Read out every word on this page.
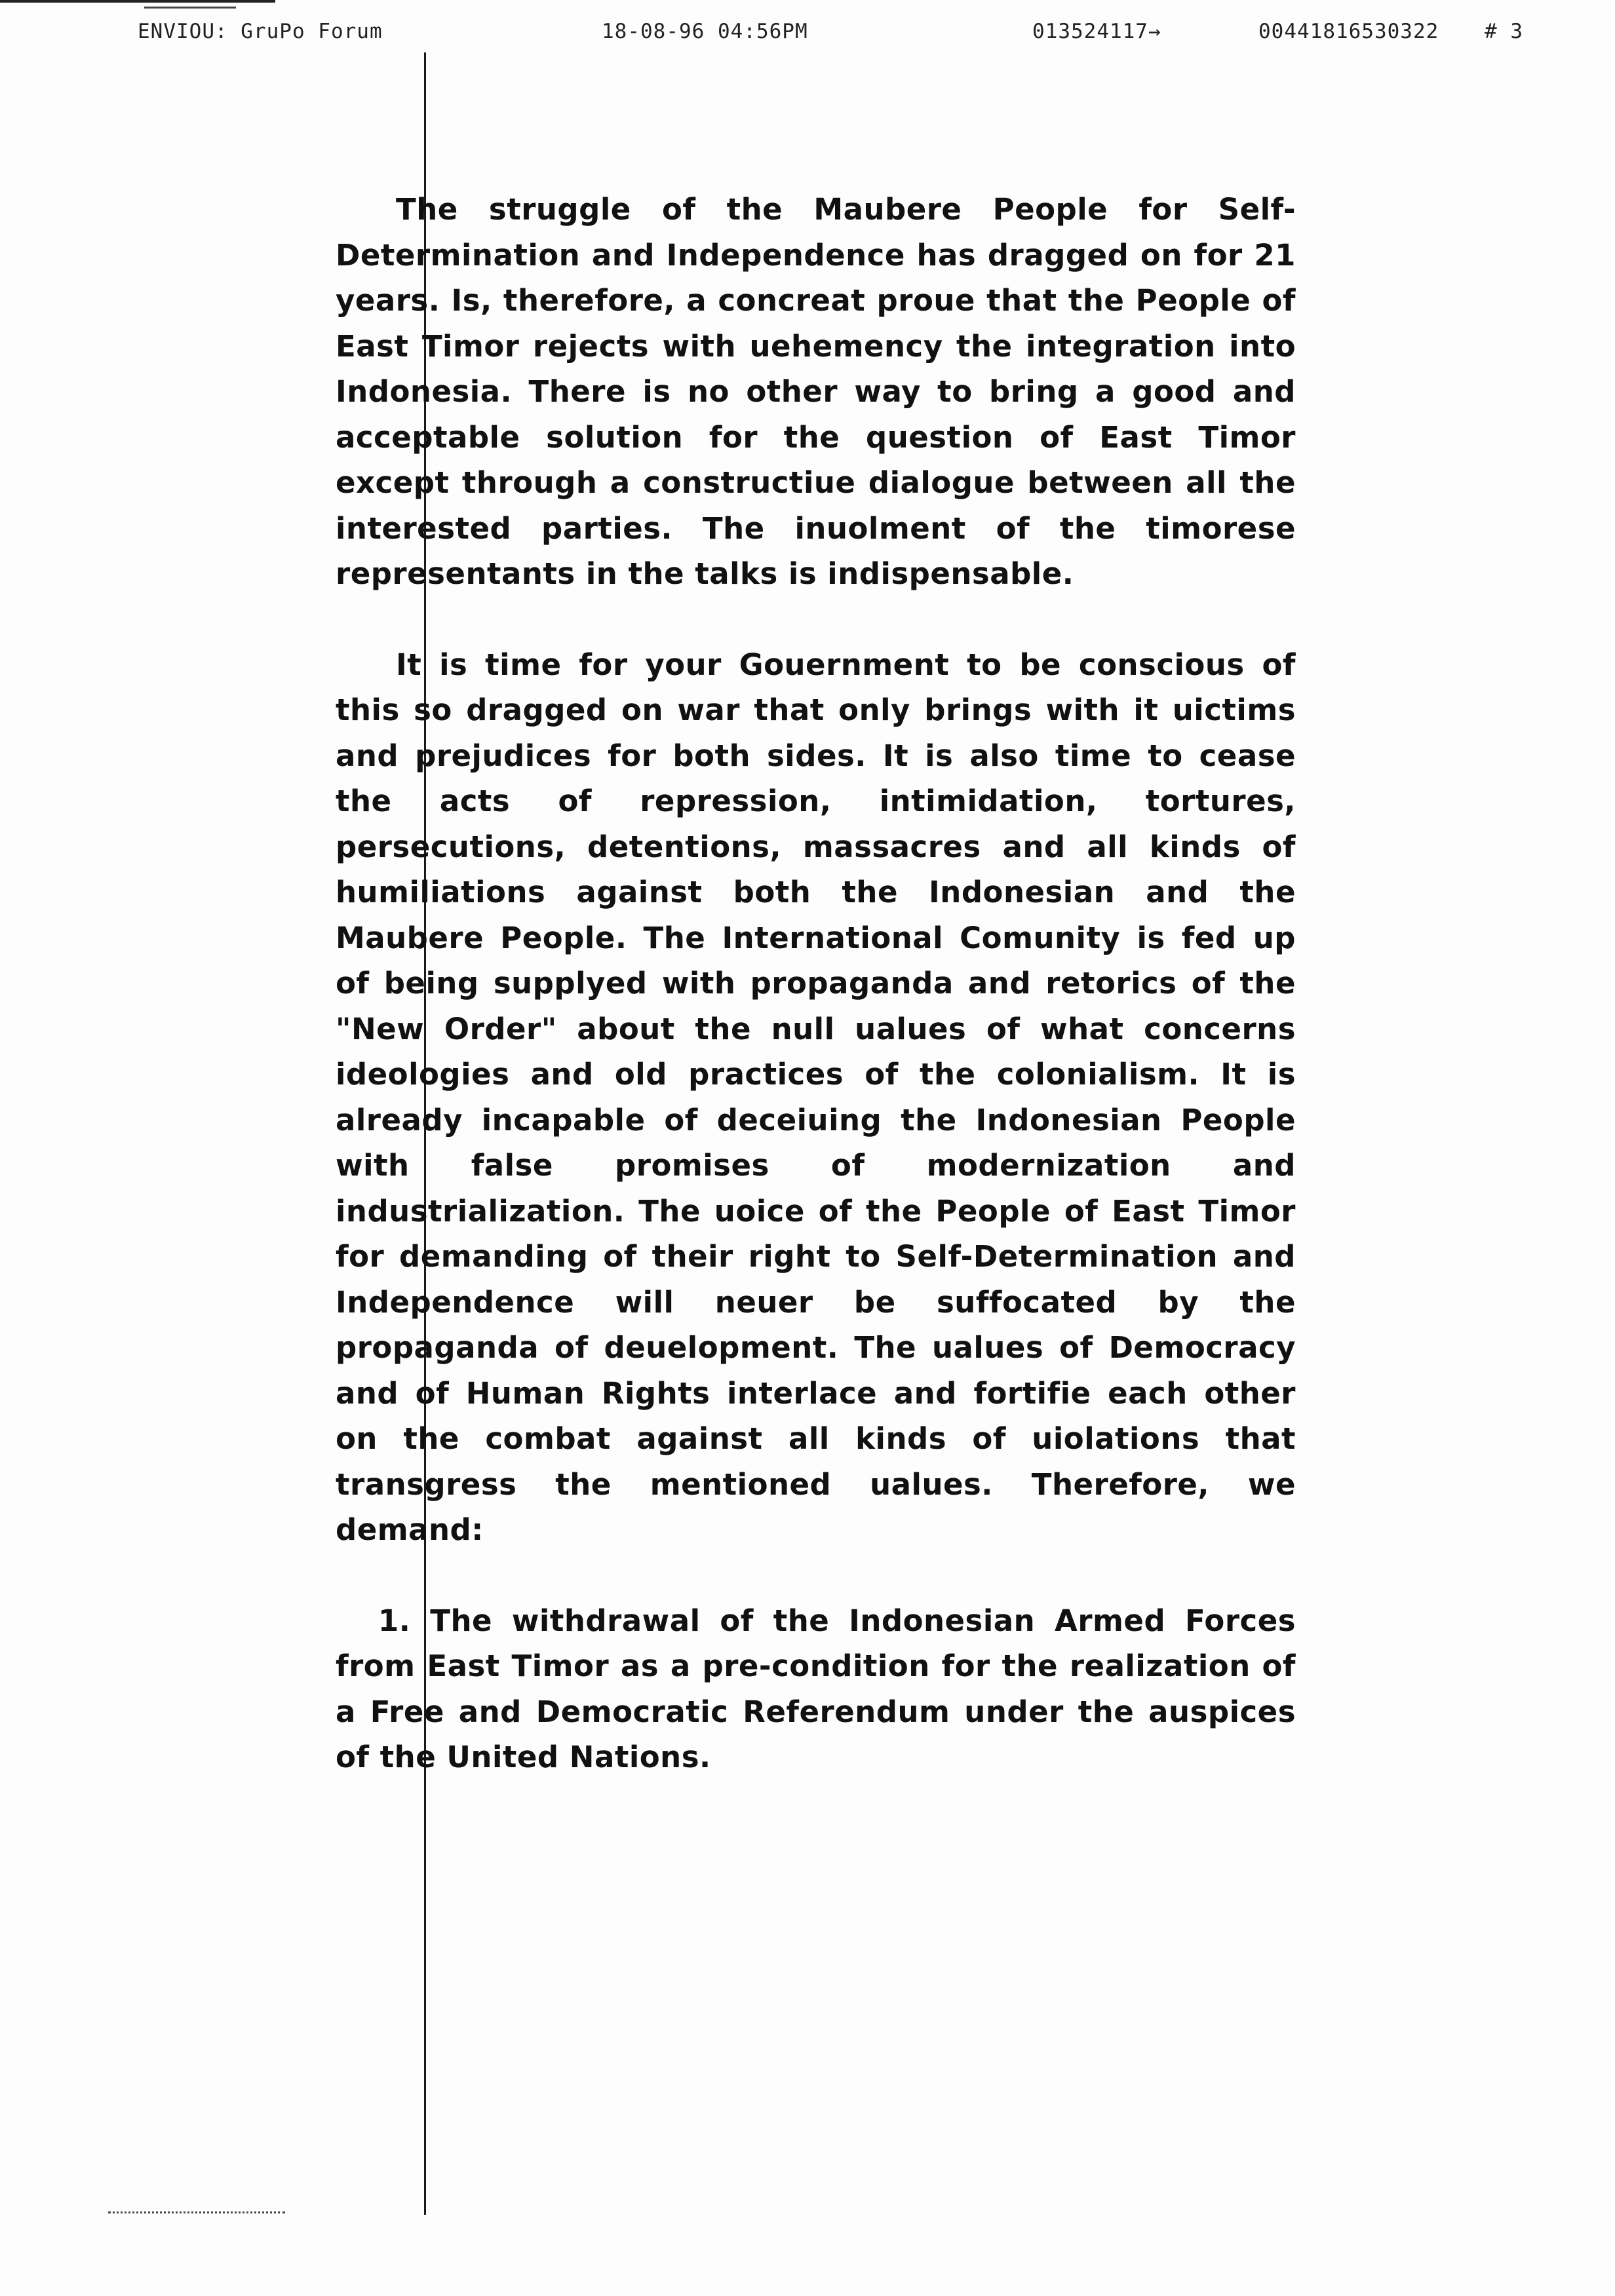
ENVIOU: GruPo Forum	18-08-96 04:56PM	013524117→	00441816530322 # 3

The struggle of the Maubere People for Self-Determination and Independence has dragged on for 21 years. Is, therefore, a concreat proue that the People of East Timor rejects with uehemency the integration into Indonesia. There is no other way to bring a good and acceptable solution for the question of East Timor except through a constructiue dialogue between all the interested parties. The inuolment of the timorese representants in the talks is indispensable.

It is time for your Gouernment to be conscious of this so dragged on war that only brings with it uictims and prejudices for both sides. It is also time to cease the acts of repression, intimidation, tortures, persecutions, detentions, massacres and all kinds of humiliations against both the Indonesian and the Maubere People. The International Comunity is fed up of being supplyed with propaganda and retorics of the "New Order" about the null ualues of what concerns ideologies and old practices of the colonialism. It is already incapable of deceiuing the Indonesian People with false promises of modernization and industrialization. The uoice of the People of East Timor for demanding of their right to Self-Determination and Independence will neuer be suffocated by the propaganda of deuelopment. The ualues of Democracy and of Human Rights interlace and fortifie each other on the combat against all kinds of uiolations that transgress the mentioned ualues. Therefore, we demand:

1. The withdrawal of the Indonesian Armed Forces from East Timor as a pre-condition for the realization of a Free and Democratic Referendum under the auspices of the United Nations.
